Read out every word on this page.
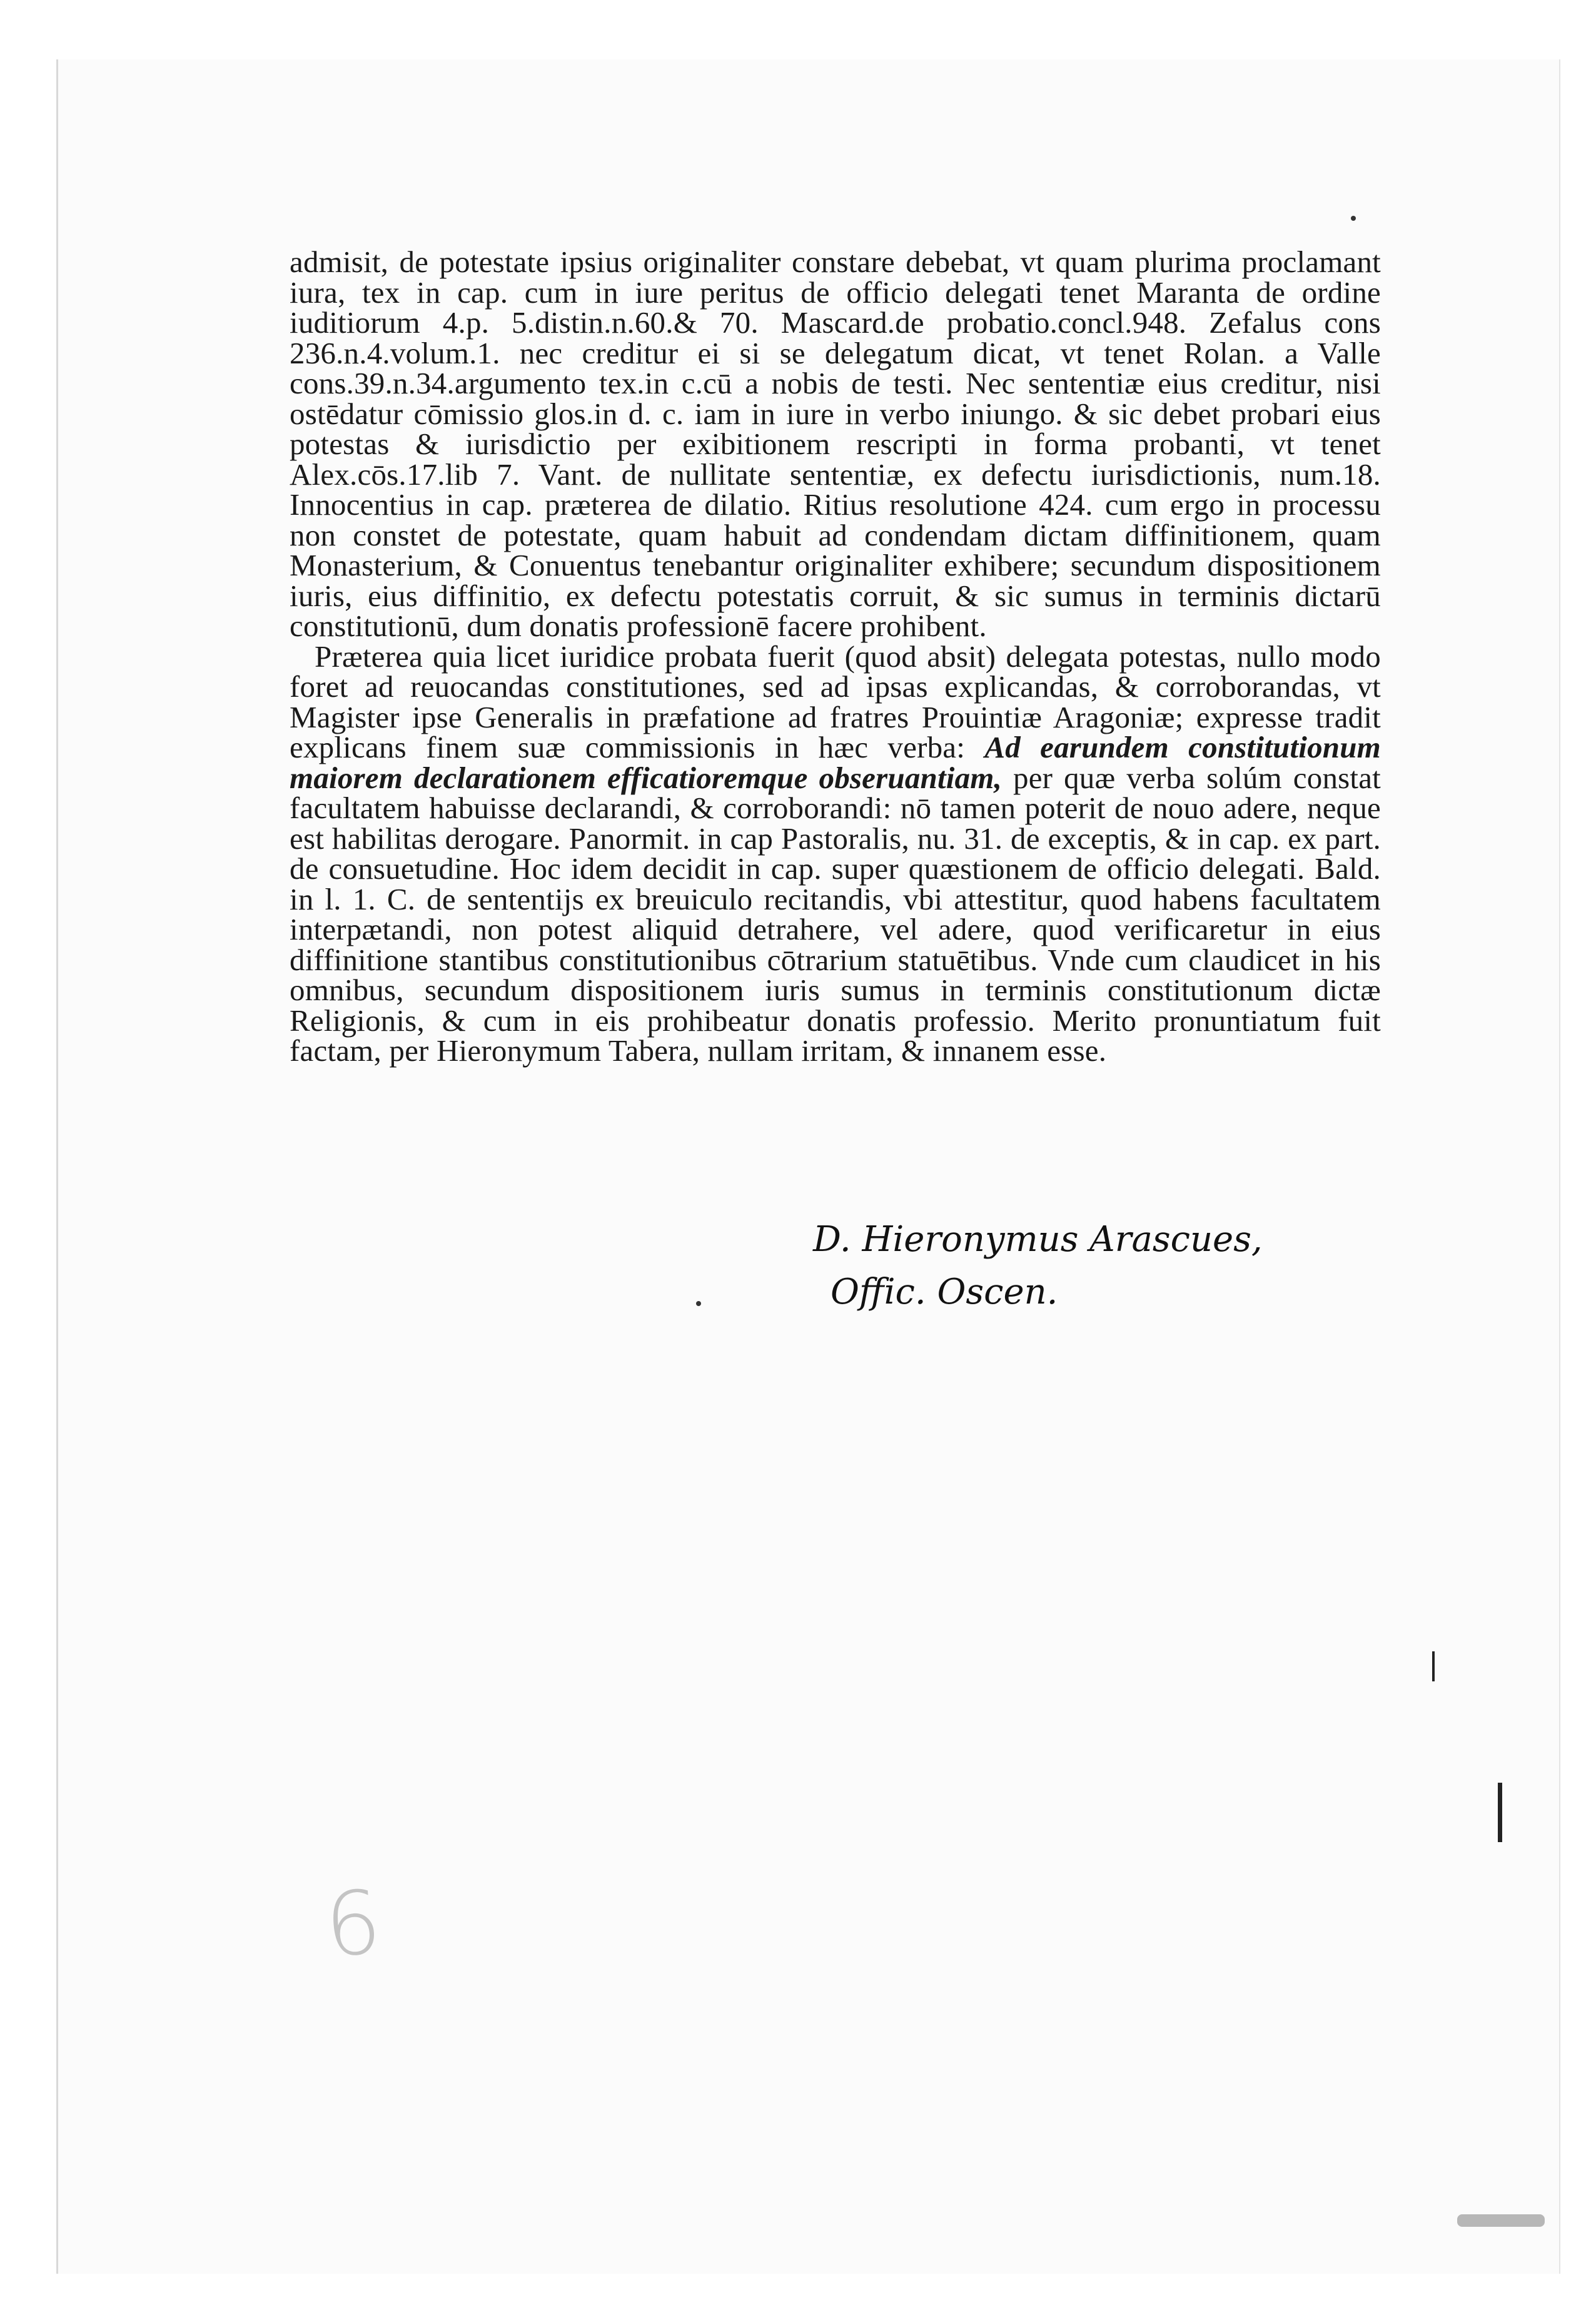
admisit, de potestate ipsius originaliter constare debebat, vt quam plurima proclamant iura, tex in cap. cum in iure peritus de officio delegati tenet Maranta de ordine iuditiorum 4.p. 5.distin.n.60.& 70. Mascard.de probatio.concl.948. Zefalus cons 236.n.4.volum.1. nec creditur ei si se delegatum dicat, vt tenet Rolan. a Valle cons.39.n.34.argumento tex.in c.cū a nobis de testi. Nec sententiæ eius creditur, nisi ostēdatur cōmissio glos.in d. c. iam in iure in verbo iniungo. & sic debet probari eius potestas & iurisdictio per exibitionem rescripti in forma probanti, vt tenet Alex.cōs.17.lib 7. Vant. de nullitate sententiæ, ex defectu iurisdictionis, num.18. Innocentius in cap. præterea de dilatio. Ritius resolutione 424. cum ergo in processu non constet de potestate, quam habuit ad condendam dictam diffinitionem, quam Monasterium, & Conuentus tenebantur originaliter exhibere; secundum dispositionem iuris, eius diffinitio, ex defectu potestatis corruit, & sic sumus in terminis dictarū constitutionū, dum donatis professionē facere prohibent.

Præterea quia licet iuridice probata fuerit (quod absit) delegata potestas, nullo modo foret ad reuocandas constitutiones, sed ad ipsas explicandas, & corroborandas, vt Magister ipse Generalis in præfatione ad fratres Prouintiæ Aragoniæ; expresse tradit explicans finem suæ commissionis in hæc verba: Ad earundem constitutionum maiorem declarationem efficatioremque obseruantiam, per quæ verba solúm constat facultatem habuisse declarandi, & corroborandi: nō tamen poterit de nouo adere, neque est habilitas derogare. Panormit. in cap Pastoralis, nu. 31. de exceptis, & in cap. ex part. de consuetudine. Hoc idem decidit in cap. super quæstionem de officio delegati. Bald. in l. 1. C. de sententijs ex breuiculo recitandis, vbi attestitur, quod habens facultatem interpætandi, non potest aliquid detrahere, vel adere, quod verificaretur in eius diffinitione stantibus constitutionibus cōtrarium statuētibus. Vnde cum claudicet in his omnibus, secundum dispositionem iuris sumus in terminis constitutionum dictæ Religionis, & cum in eis prohibeatur donatis professio. Merito pronuntiatum fuit factam, per Hieronymum Tabera, nullam irritam, & innanem esse.

D. Hieronymus Arascues,
Offic. Oscen.
6
